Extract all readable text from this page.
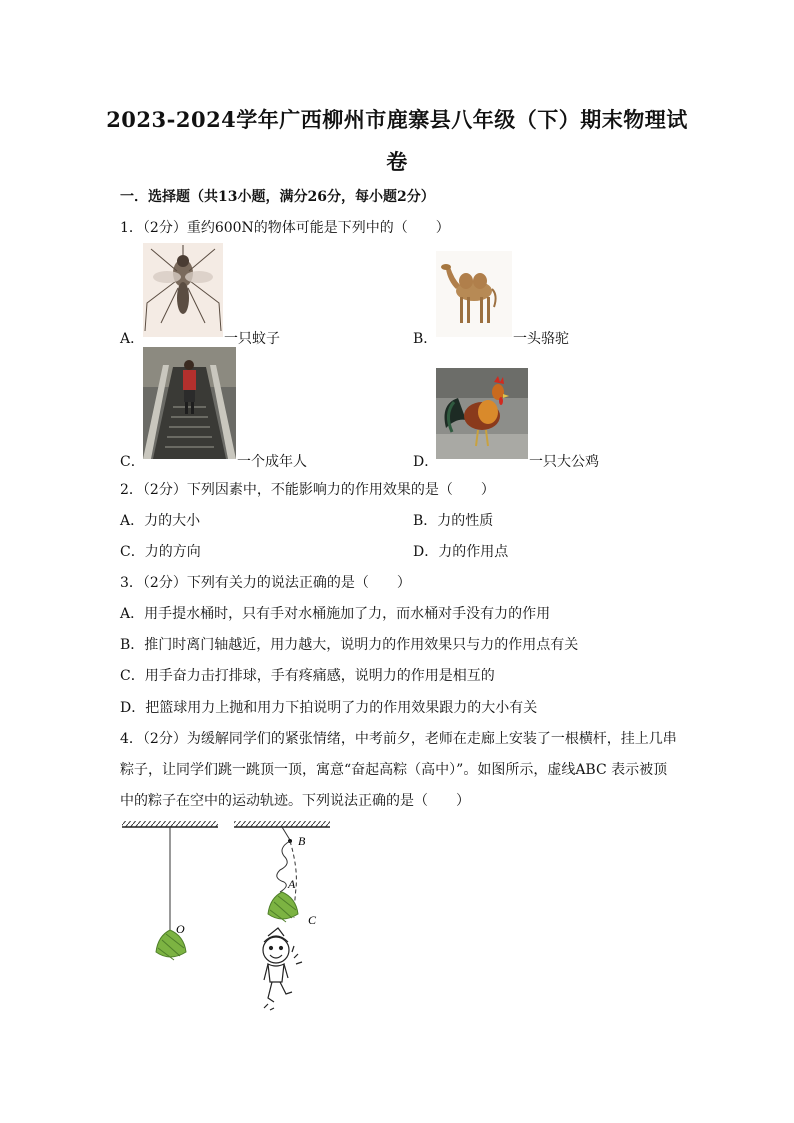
2023-2024学年广西柳州市鹿寨县八年级（下）期末物理试
卷
一．选择题（共13小题，满分26分，每小题2分）
1．（2分）重约600N的物体可能是下列中的（　　）
A．	一只蚊子	B．	一头骆驼
C．	一个成年人	D．	一只大公鸡
2．（2分）下列因素中，不能影响力的作用效果的是（　　）
A．力的大小	B．力的性质
C．力的方向	D．力的作用点
3．（2分）下列有关力的说法正确的是（　　）
A．用手提水桶时，只有手对水桶施加了力，而水桶对手没有力的作用
B．推门时离门轴越近，用力越大，说明力的作用效果只与力的作用点有关
C．用手奋力击打排球，手有疼痛感，说明力的作用是相互的
D．把篮球用力上抛和用力下拍说明了力的作用效果跟力的大小有关
4．（2分）为缓解同学们的紧张情绪，中考前夕，老师在走廊上安装了一根横杆，挂上几串
粽子，让同学们跳一跳顶一顶，寓意“奋起高粽（高中）”。如图所示，虚线ABC 表示被顶
中的粽子在空中的运动轨迹。下列说法正确的是（　　）
O
B
A
C
